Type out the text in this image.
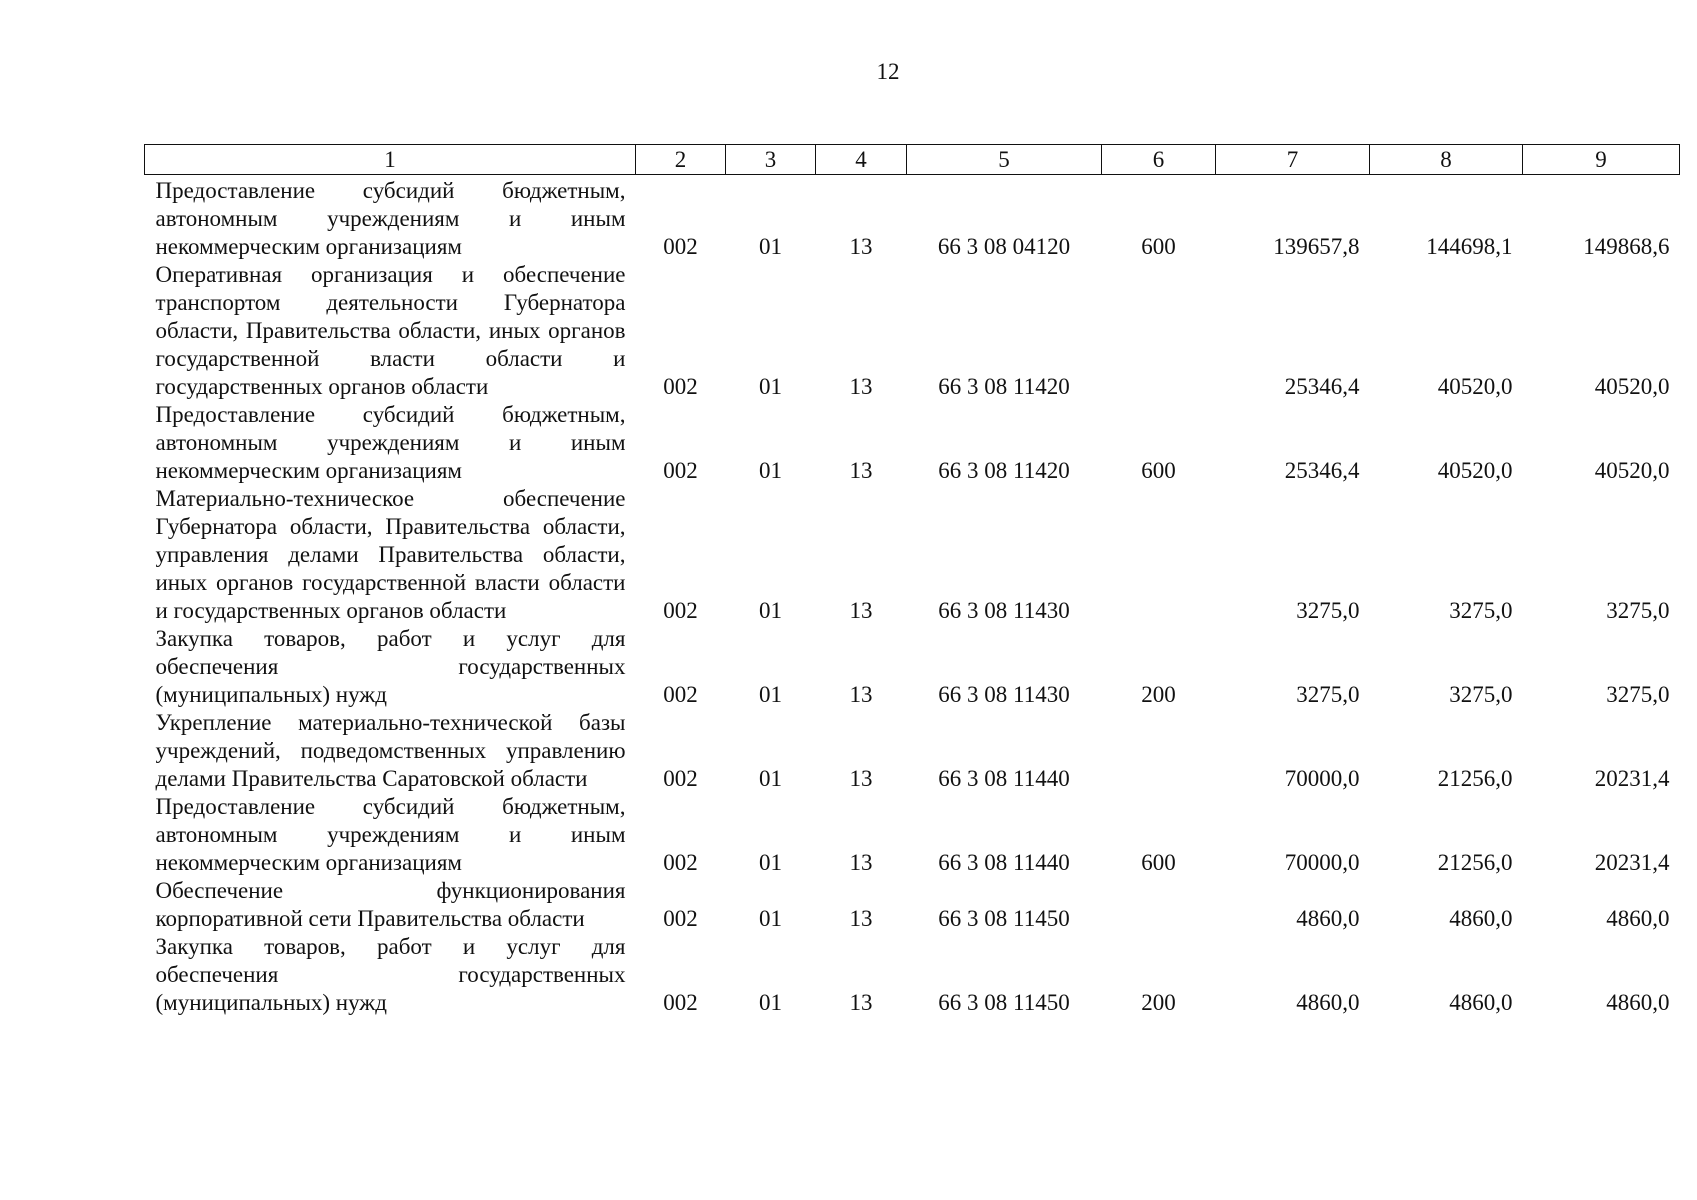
12
1	2	3	4	5	6	7	8	9
Предоставление субсидий бюджетным, автономным учреждениям и иным некоммерческим организациям	002	01	13	66 3 08 04120	600	139657,8	144698,1	149868,6
Оперативная организация и обеспечение транспортом деятельности Губернатора области, Правительства области, иных органов государственной власти области и государственных органов области	002	01	13	66 3 08 11420		25346,4	40520,0	40520,0
Предоставление субсидий бюджетным, автономным учреждениям и иным некоммерческим организациям	002	01	13	66 3 08 11420	600	25346,4	40520,0	40520,0
Материально-техническое обеспечение Губернатора области, Правительства области, управления делами Правительства области, иных органов государственной власти области и государственных органов области	002	01	13	66 3 08 11430		3275,0	3275,0	3275,0
Закупка товаров, работ и услуг для обеспечения государственных (муниципальных) нужд	002	01	13	66 3 08 11430	200	3275,0	3275,0	3275,0
Укрепление материально-технической базы учреждений, подведомственных управлению делами Правительства Саратовской области	002	01	13	66 3 08 11440		70000,0	21256,0	20231,4
Предоставление субсидий бюджетным, автономным учреждениям и иным некоммерческим организациям	002	01	13	66 3 08 11440	600	70000,0	21256,0	20231,4
Обеспечение функционирования корпоративной сети Правительства области	002	01	13	66 3 08 11450		4860,0	4860,0	4860,0
Закупка товаров, работ и услуг для обеспечения государственных (муниципальных) нужд	002	01	13	66 3 08 11450	200	4860,0	4860,0	4860,0
